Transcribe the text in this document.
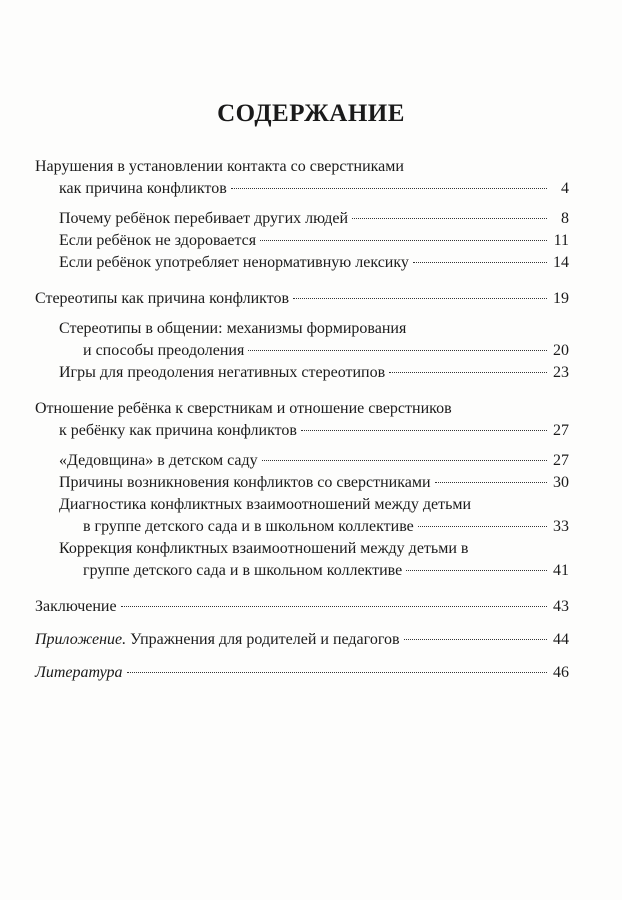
СОДЕРЖАНИЕ
Нарушения в установлении контакта со сверстниками
как причина конфликтов	4
Почему ребёнок перебивает других людей	8
Если ребёнок не здоровается	11
Если ребёнок употребляет ненормативную лексику	14
Стереотипы как причина конфликтов	19
Стереотипы в общении: механизмы формирования
и способы преодоления	20
Игры для преодоления негативных стереотипов	23
Отношение ребёнка к сверстникам и отношение сверстников
к ребёнку как причина конфликтов	27
«Дедовщина» в детском саду	27
Причины возникновения конфликтов со сверстниками	30
Диагностика конфликтных взаимоотношений между детьми
в группе детского сада и в школьном коллективе	33
Коррекция конфликтных взаимоотношений между детьми в
группе детского сада и в школьном коллективе	41
Заключение	43
Приложение. Упражнения для родителей и педагогов	44
Литература	46
